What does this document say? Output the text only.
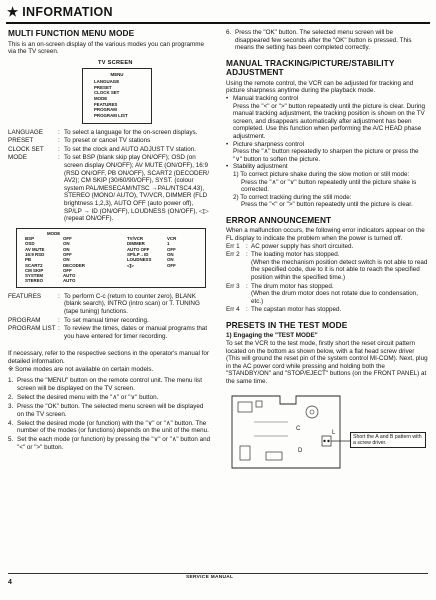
★ INFORMATION
MULTI FUNCTION MENU MODE

This is an on-screen display of the various modes you can programme via the TV screen.

TV SCREEN
MENU
LANGUAGE
PRESET
CLOCK SET
MODE
FEATURES
PROGRAM
PROGRAM LIST
LANGUAGE	: To select a language for the on-screen displays.
PRESET	: To preset or cancel TV stations
CLOCK SET	: To set the clock and AUTO ADJUST TV station.
MODE	: To set BSP (blank skip play ON/OFF); OSD (on screen display ON/OFF); AV MUTE (ON/OFF), 16:9 (RSD ON/OFF, PB ON/OFF), SCART2 (DECODER/ AV2); CM SKIP (30/60/90/OFF), SYST. (colour system PAL/MESECAM/NTSC →PAL/NTSC4.43), STEREO (MONO/ AUTO), TV/VCR, DIMMER (FLD brightness 1,2,3), AUTO OFF (auto power off), SP/LP → ID (ON/OFF), LOUDNESS (ON/OFF), ◁▷ (repeat ON/OFF).
MODE
BSP	OFF
OSD	ON
AV MUTE	ON
16:9 RSD	OFF
PB	ON
SCART2	DECODER
CM SKIP	OFF
SYSTEM	AUTO
STEREO	AUTO
TV/VCR	VCR
DIMMER	1
AUTO OFF	OFF
SP/LP→ID	ON
LOUDNESS	ON
◁▷	OFF
FEATURES	: To perform C-c (return to counter zero), BLANK (blank search), INTRO (intro scan) or T. TUNING (tape tuning) functions.
PROGRAM	: To set manual timer recording.
PROGRAM LIST : To review the times, dates or manual programs that you have entered for timer recording.

If necessary, refer to the respective sections in the operator's manual for detailed information.

※ Some modes are not available on certain models.

1. Press the "MENU" button on the remote control unit. The menu list screen will be displayed on the TV screen.
2. Select the desired menu with the "∧" or "∨" button.
3. Press the "OK" button. The selected menu screen will be displayed on the TV screen.
4. Select the desired mode (or function) with the "∨" or "∧" button. The number of the modes (or functions) depends on the unit of the menu.
5. Set the each mode (or function) by pressing the "∨" or "∧" button and "<" or ">" button.
6. Press the "OK" button. The selected menu screen will be disappeared few seconds after the "OK" button is pressed. This means the setting has been completed correctly.
MANUAL TRACKING/PICTURE/STABILITY ADJUSTMENT

Using the remote control, the VCR can be adjusted for tracking and picture sharpness anytime during the playback mode.

• Manual tracking control

Press the "<" or ">" button repeatedly until the picture is clear. During manual tracking adjustment, the tracking position is shown on the TV screen, and disappears automatically after adjustment has been completed. Use this function when performing the A/C HEAD phase adjustment.

• Picture sharpness control

Press the "∧" button repeatedly to sharpen the picture or press the "∨" button to soften the picture.

• Stability adjustment

1) To correct picture shake during the slow motion or still mode:

Press the "∧" or "∨" button repeatedly until the picture shake is corrected.

2) To correct tracking during the still mode:

Press the "<" or ">" button repeatedly until the picture is clear.

ERROR ANNOUNCEMENT

When a malfunction occurs, the following error indicators appear on the FL display to indicate the problem when the power is turned off.

Err 1	: AC power supply has short circuited.
Err 2	: The loading motor has stopped.
(When the mechanism position detect switch is not able to read the specified code, due to it is not able to reach the specified position within the specified time.)
Err 3	: The drum motor has stopped.
(When the drum motor does not rotate due to condensation, etc.)
Err 4	: The capstan motor has stopped.
PRESETS IN THE TEST MODE

1) Engaging the "TEST MODE"

To set the VCR to the test mode, firstly short the reset circuit pattern located on the bottom as shown below, with a flat head screw driver (This will ground the reset pin of the system control MI-COM). Next, plug in the AC power cord while pressing and holding both the "STANDBY/ON" and "STOP/EJECT" buttons (on the FRONT PANEL) at the same time.

C
D
L
Short the A and B pattern with a screw driver.
4
SERVICE MANUAL
